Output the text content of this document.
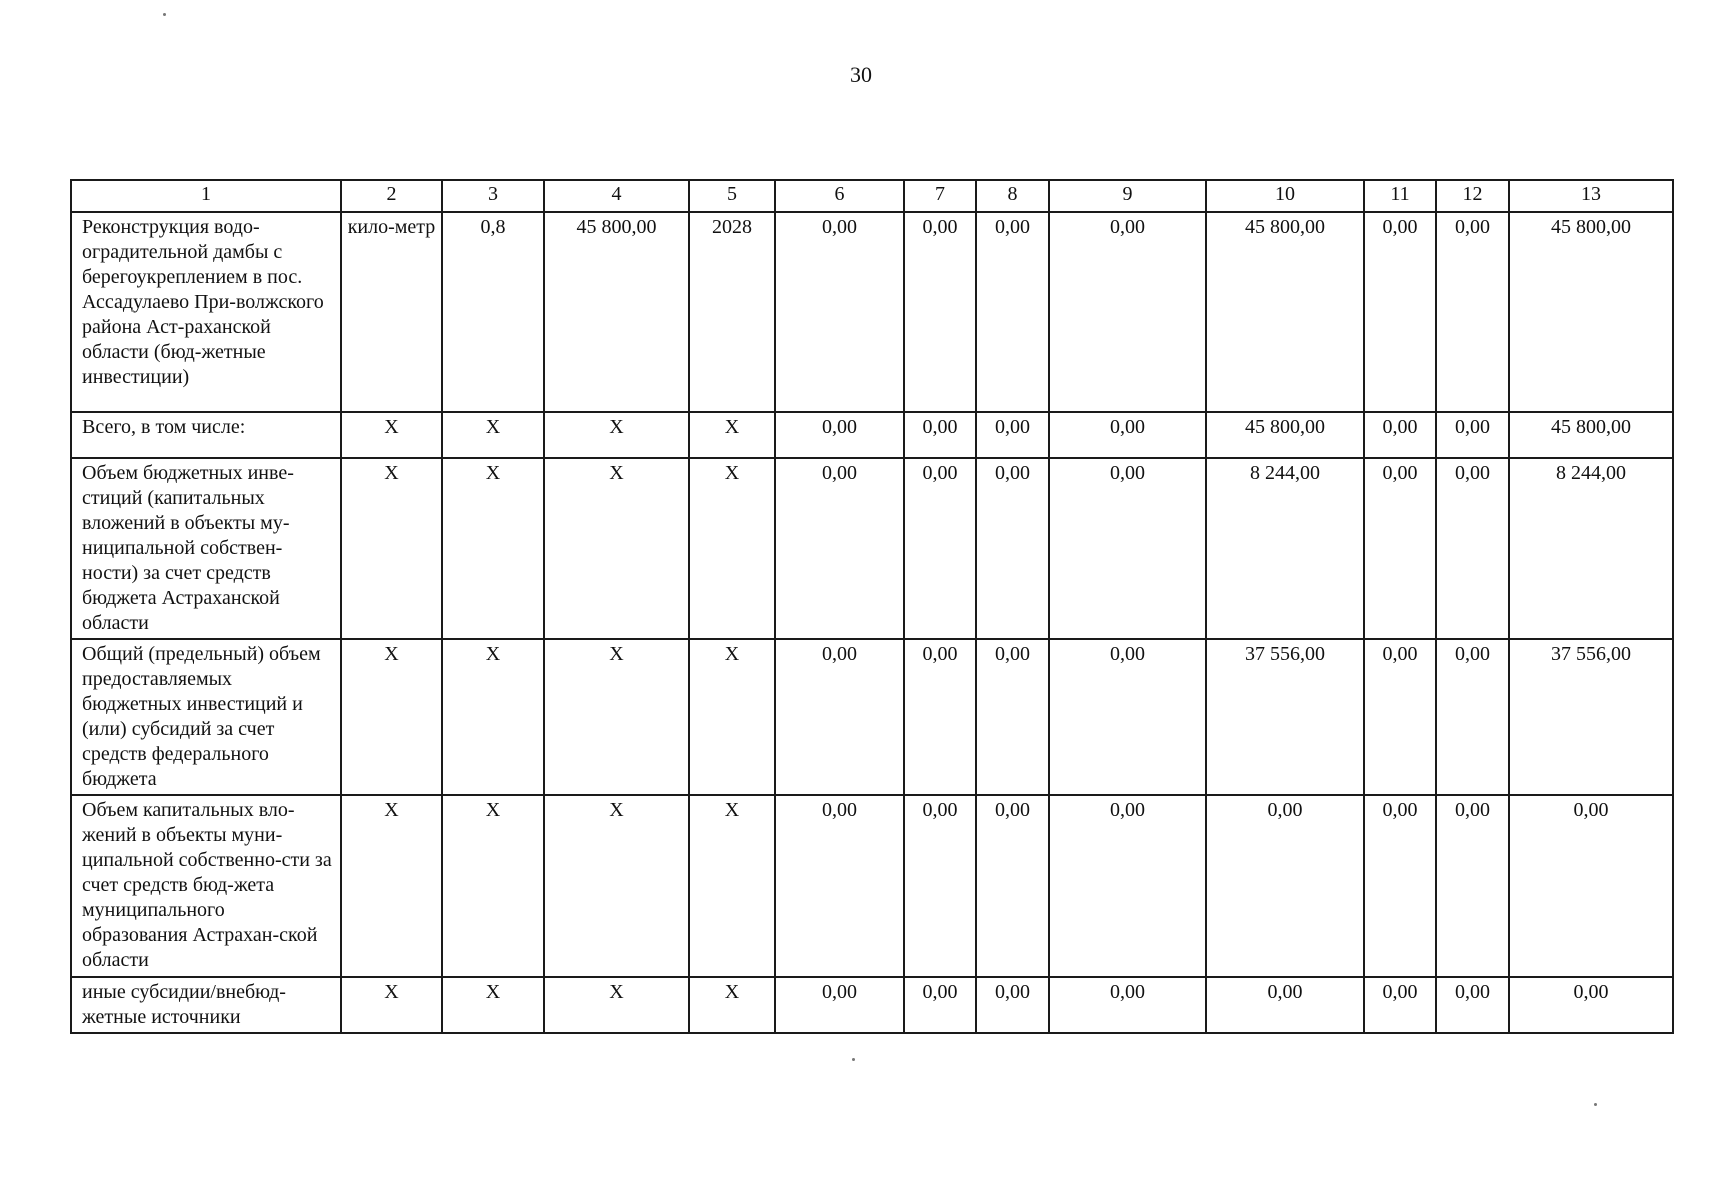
30
1	2	3	4	5	6	7	8	9	10	11	12	13
Реконструкция водо-оградительной дамбы с берегоукреплением в пос. Ассадулаево При-волжского района Аст-раханской области (бюд-жетные инвестиции)	кило-метр	0,8	45 800,00	2028	0,00	0,00	0,00	0,00	45 800,00	0,00	0,00	45 800,00
Всего, в том числе:	Х	Х	Х	Х	0,00	0,00	0,00	0,00	45 800,00	0,00	0,00	45 800,00
Объем бюджетных инве-стиций (капитальных вложений в объекты му-ниципальной собствен-ности) за счет средств бюджета Астраханской области	Х	Х	Х	Х	0,00	0,00	0,00	0,00	8 244,00	0,00	0,00	8 244,00
Общий (предельный) объем предоставляемых бюджетных инвестиций и (или) субсидий за счет средств федерального бюджета	Х	Х	Х	Х	0,00	0,00	0,00	0,00	37 556,00	0,00	0,00	37 556,00
Объем капитальных вло-жений в объекты муни-ципальной собственно-сти за счет средств бюд-жета муниципального образования Астрахан-ской области	Х	Х	Х	Х	0,00	0,00	0,00	0,00	0,00	0,00	0,00	0,00
иные субсидии/внебюд-жетные источники	Х	Х	Х	Х	0,00	0,00	0,00	0,00	0,00	0,00	0,00	0,00
